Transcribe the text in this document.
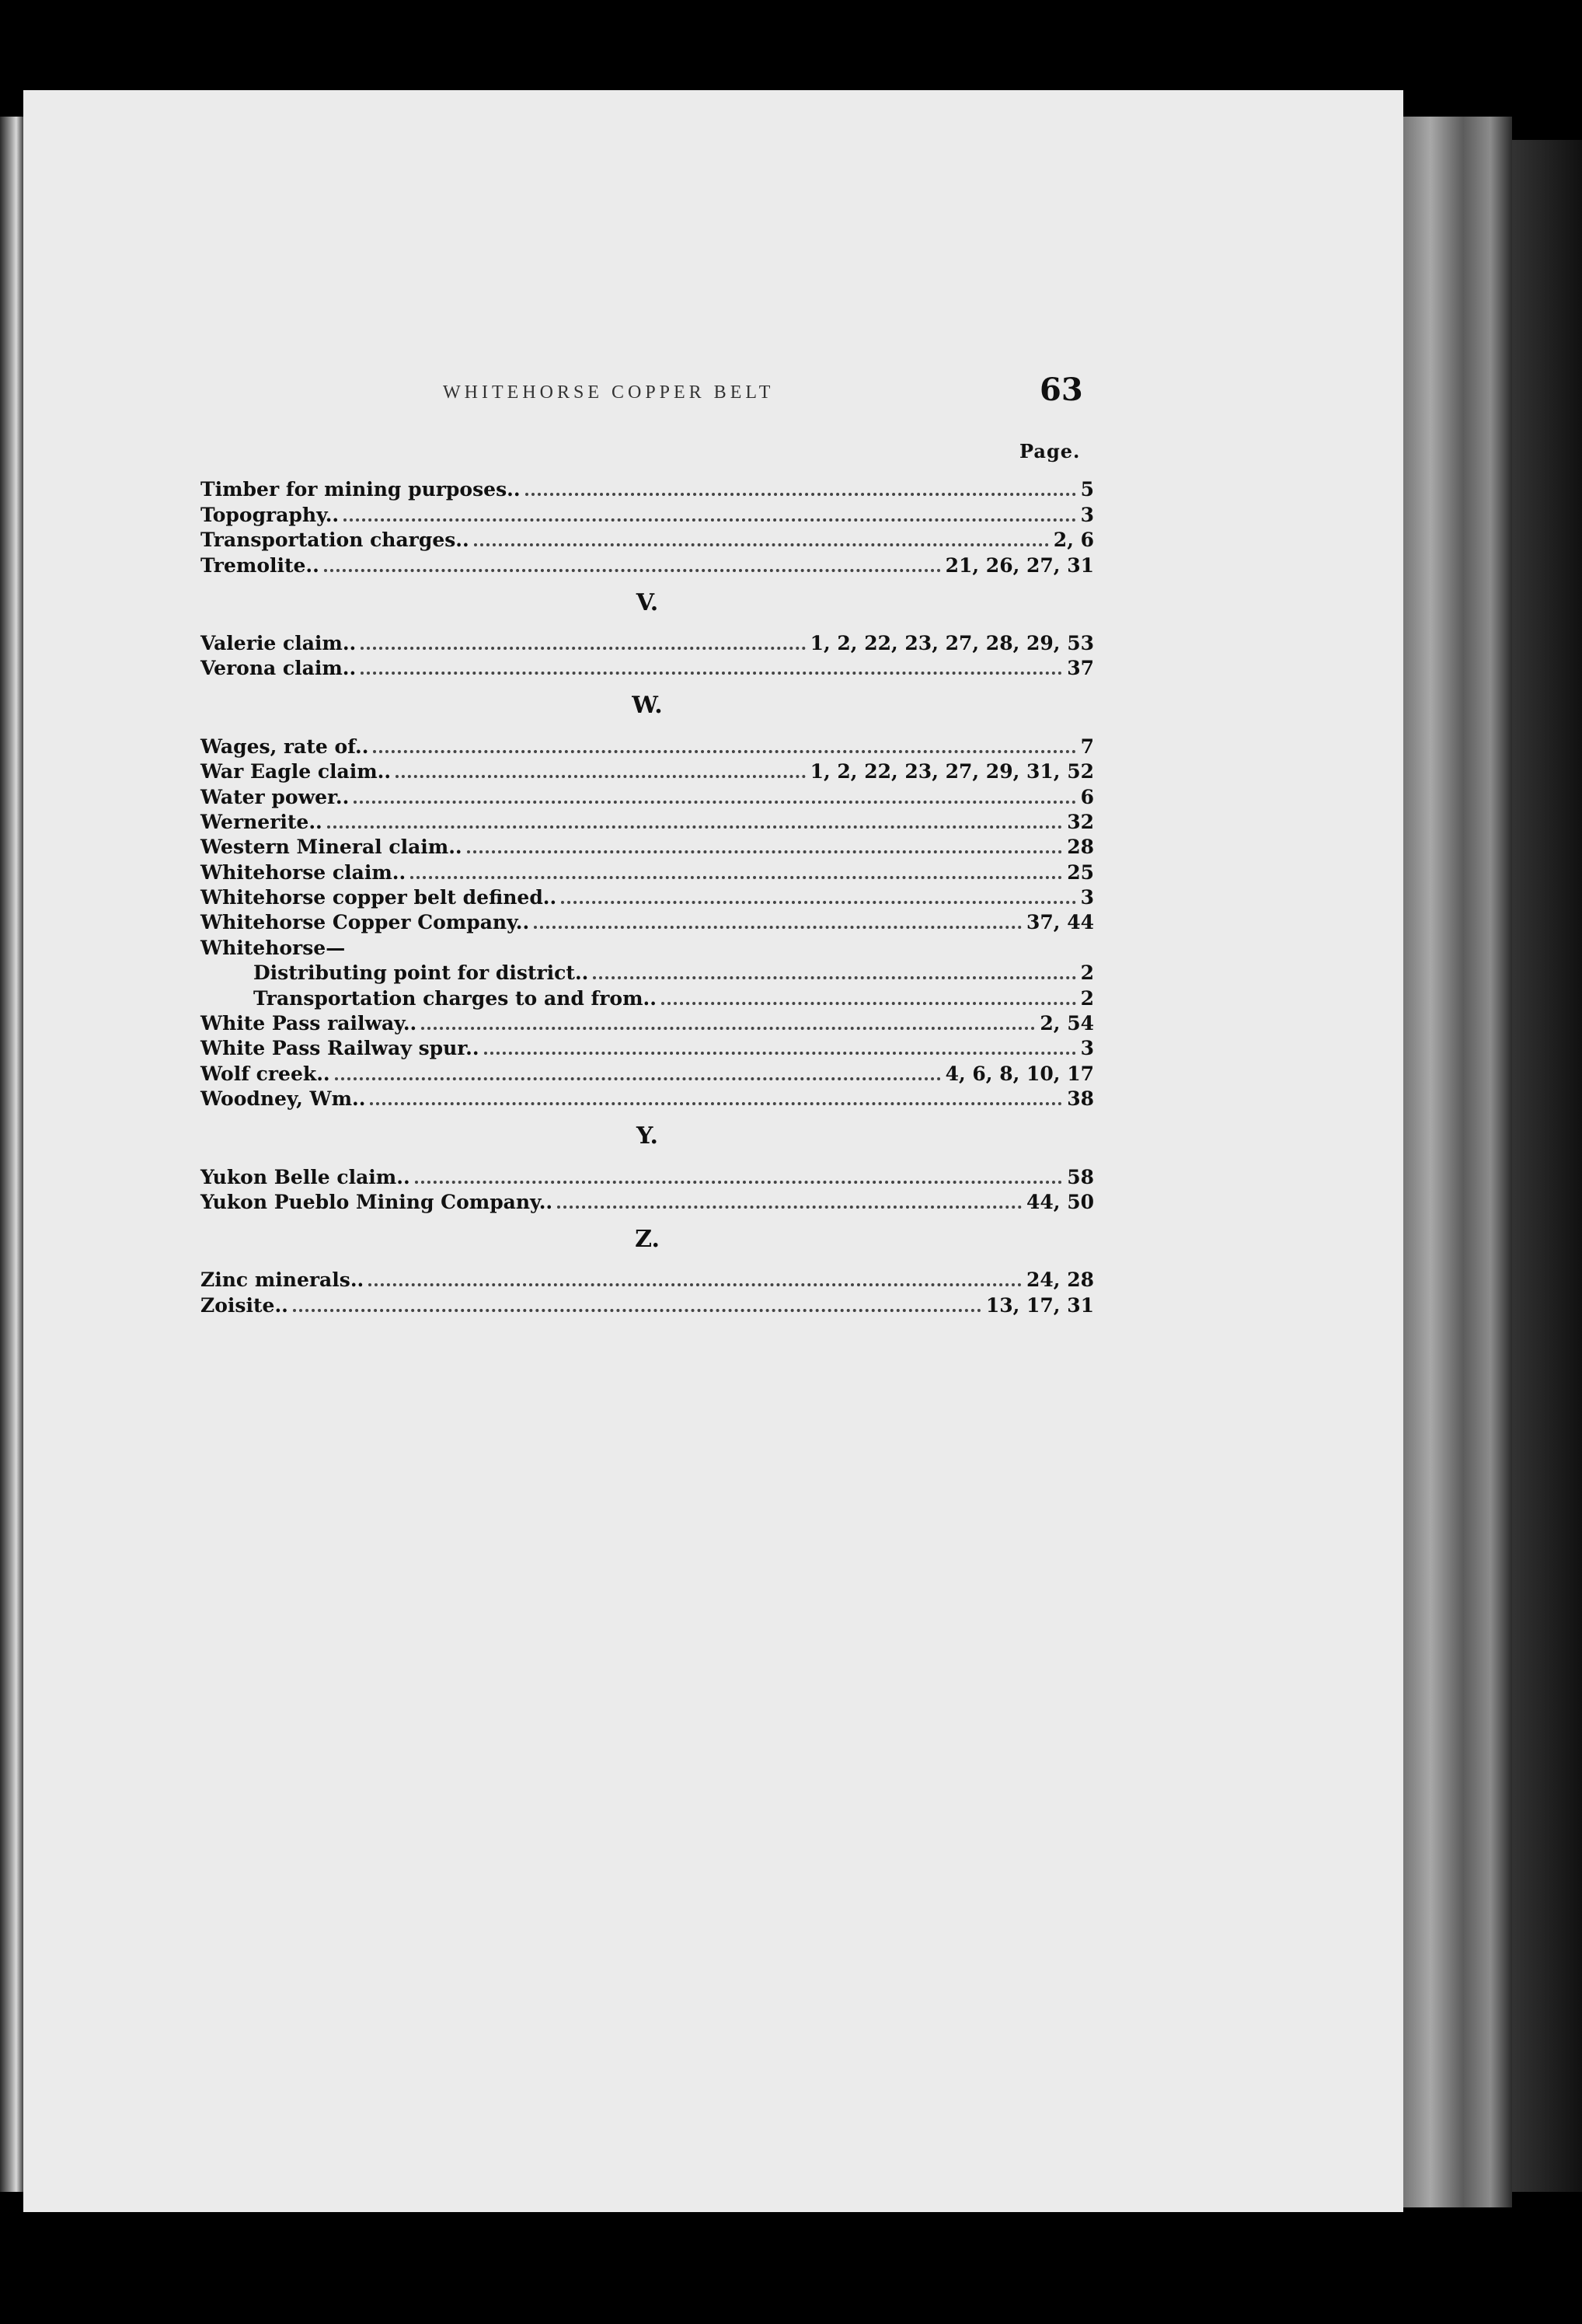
WHITEHORSE COPPER BELT	63
Page.
Timber for mining purposes..	5
Topography..	3
Transportation charges..	2, 6
Tremolite..	21, 26, 27, 31
V.
Valerie claim..	1, 2, 22, 23, 27, 28, 29, 53
Verona claim..	37
W.
Wages, rate of..	7
War Eagle claim..	1, 2, 22, 23, 27, 29, 31, 52
Water power..	6
Wernerite..	32
Western Mineral claim..	28
Whitehorse claim..	25
Whitehorse copper belt defined..	3
Whitehorse Copper Company..	37, 44
Whitehorse—
Distributing point for district..	2
Transportation charges to and from..	2
White Pass railway..	2, 54
White Pass Railway spur..	3
Wolf creek..	4, 6, 8, 10, 17
Woodney, Wm..	38
Y.
Yukon Belle claim..	58
Yukon Pueblo Mining Company..	44, 50
Z.
Zinc minerals..	24, 28
Zoisite..	13, 17, 31
